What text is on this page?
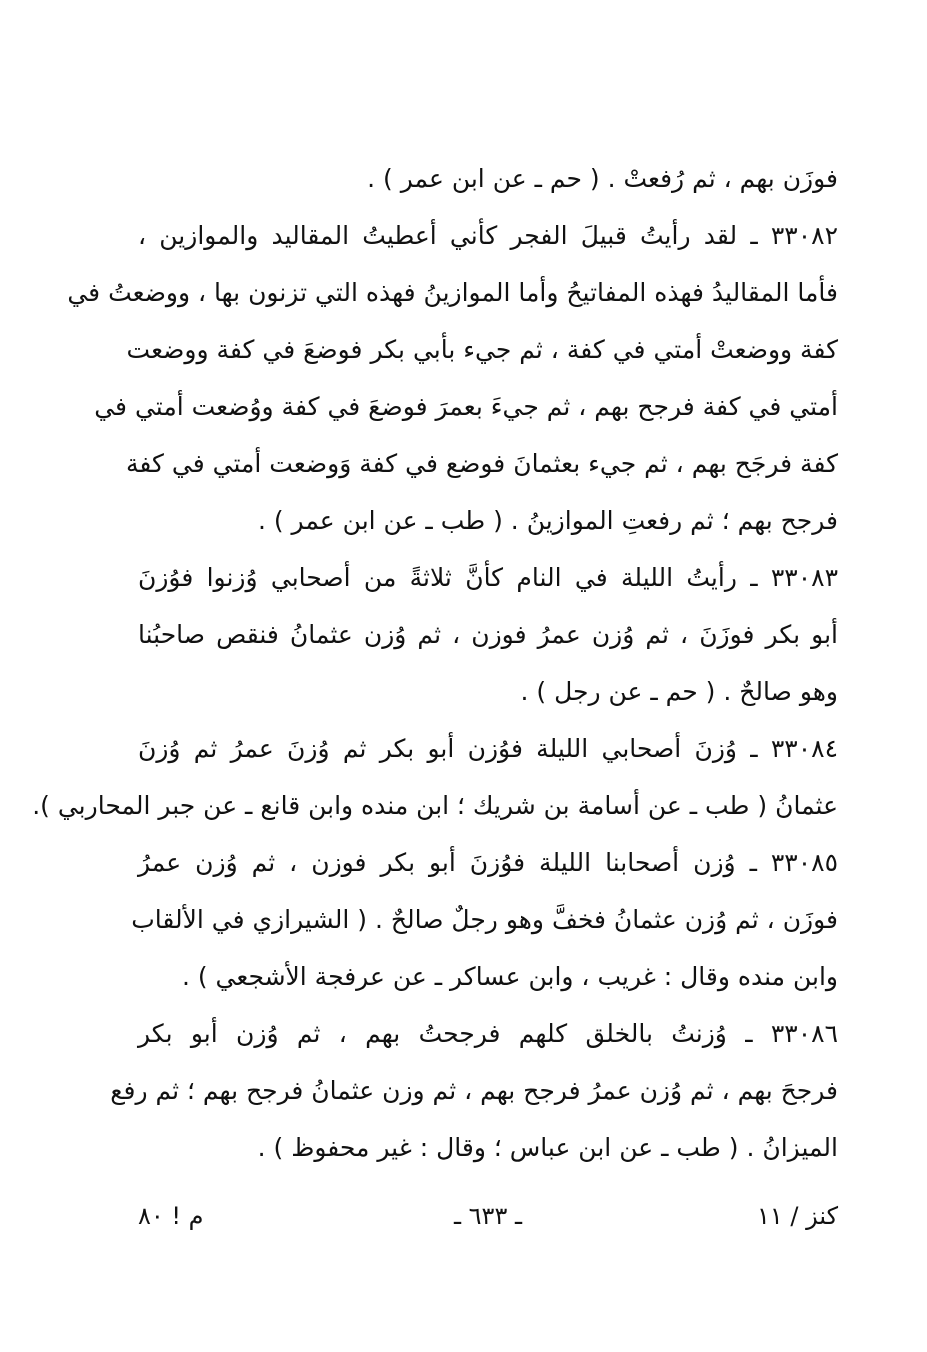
فوزَن بهم ، ثم رُفعتْ . ( حم ـ عن ابن عمر ) .
٣٣٠٨٢ ـ لقد رأيتُ قبيلَ الفجر كأني أعطيتُ المقاليد والموازين ،
فأما المقاليدُ فهذه المفاتيحُ وأما الموازينُ فهذه التي تزنون بها ، ووضعتُ في
كفة ووضعتْ أمتي في كفة ، ثم جيء بأبي بكر فوضعَ في كفة ووضعت
أمتي في كفة فرجح بهم ، ثم جيءَ بعمرَ فوضعَ في كفة ووُضعت أمتي في
كفة فرجَح بهم ، ثم جيء بعثمانَ فوضع في كفة وَوضعت أمتي في كفة
فرجح بهم ؛ ثم رفعتِ الموازينُ . ( طب ـ عن ابن عمر ) .
٣٣٠٨٣ ـ رأيتُ الليلة في النام كأنَّ ثلاثةً من أصحابي وُزنوا فوُزنَ
أبو بكر فوزَنَ ، ثم وُزن عمرُ فوزن ، ثم وُزن عثمانُ فنقص صاحبُنا
وهو صالحٌ . ( حم ـ عن رجل ) .
٣٣٠٨٤ ـ وُزنَ أصحابي الليلة فوُزن أبو بكر ثم وُزنَ عمرُ ثم وُزنَ
عثمانُ ( طب ـ عن أسامة بن شريك ؛ ابن منده وابن قانع ـ عن جبر المحاربي ).
٣٣٠٨٥ ـ وُزن أصحابنا الليلة فوُزنَ أبو بكر فوزن ، ثم وُزن عمرُ
فوزَن ، ثم وُزن عثمانُ فخفَّ وهو رجلٌ صالحٌ . ( الشيرازي في الألقاب
وابن منده وقال : غريب ، وابن عساكر ـ عن عرفجة الأشجعي ) .
٣٣٠٨٦ ـ وُزنتُ بالخلق كلهم فرجحتُ بهم ، ثم وُزن أبو بكر
فرجحَ بهم ، ثم وُزن عمرُ فرجح بهم ، ثم وزن عثمانُ فرجح بهم ؛ ثم رفع
الميزانُ . ( طب ـ عن ابن عباس ؛ وقال : غير محفوظ ) .
كنز / ١١
ـ ٦٣٣ ـ
م ! ٨٠
